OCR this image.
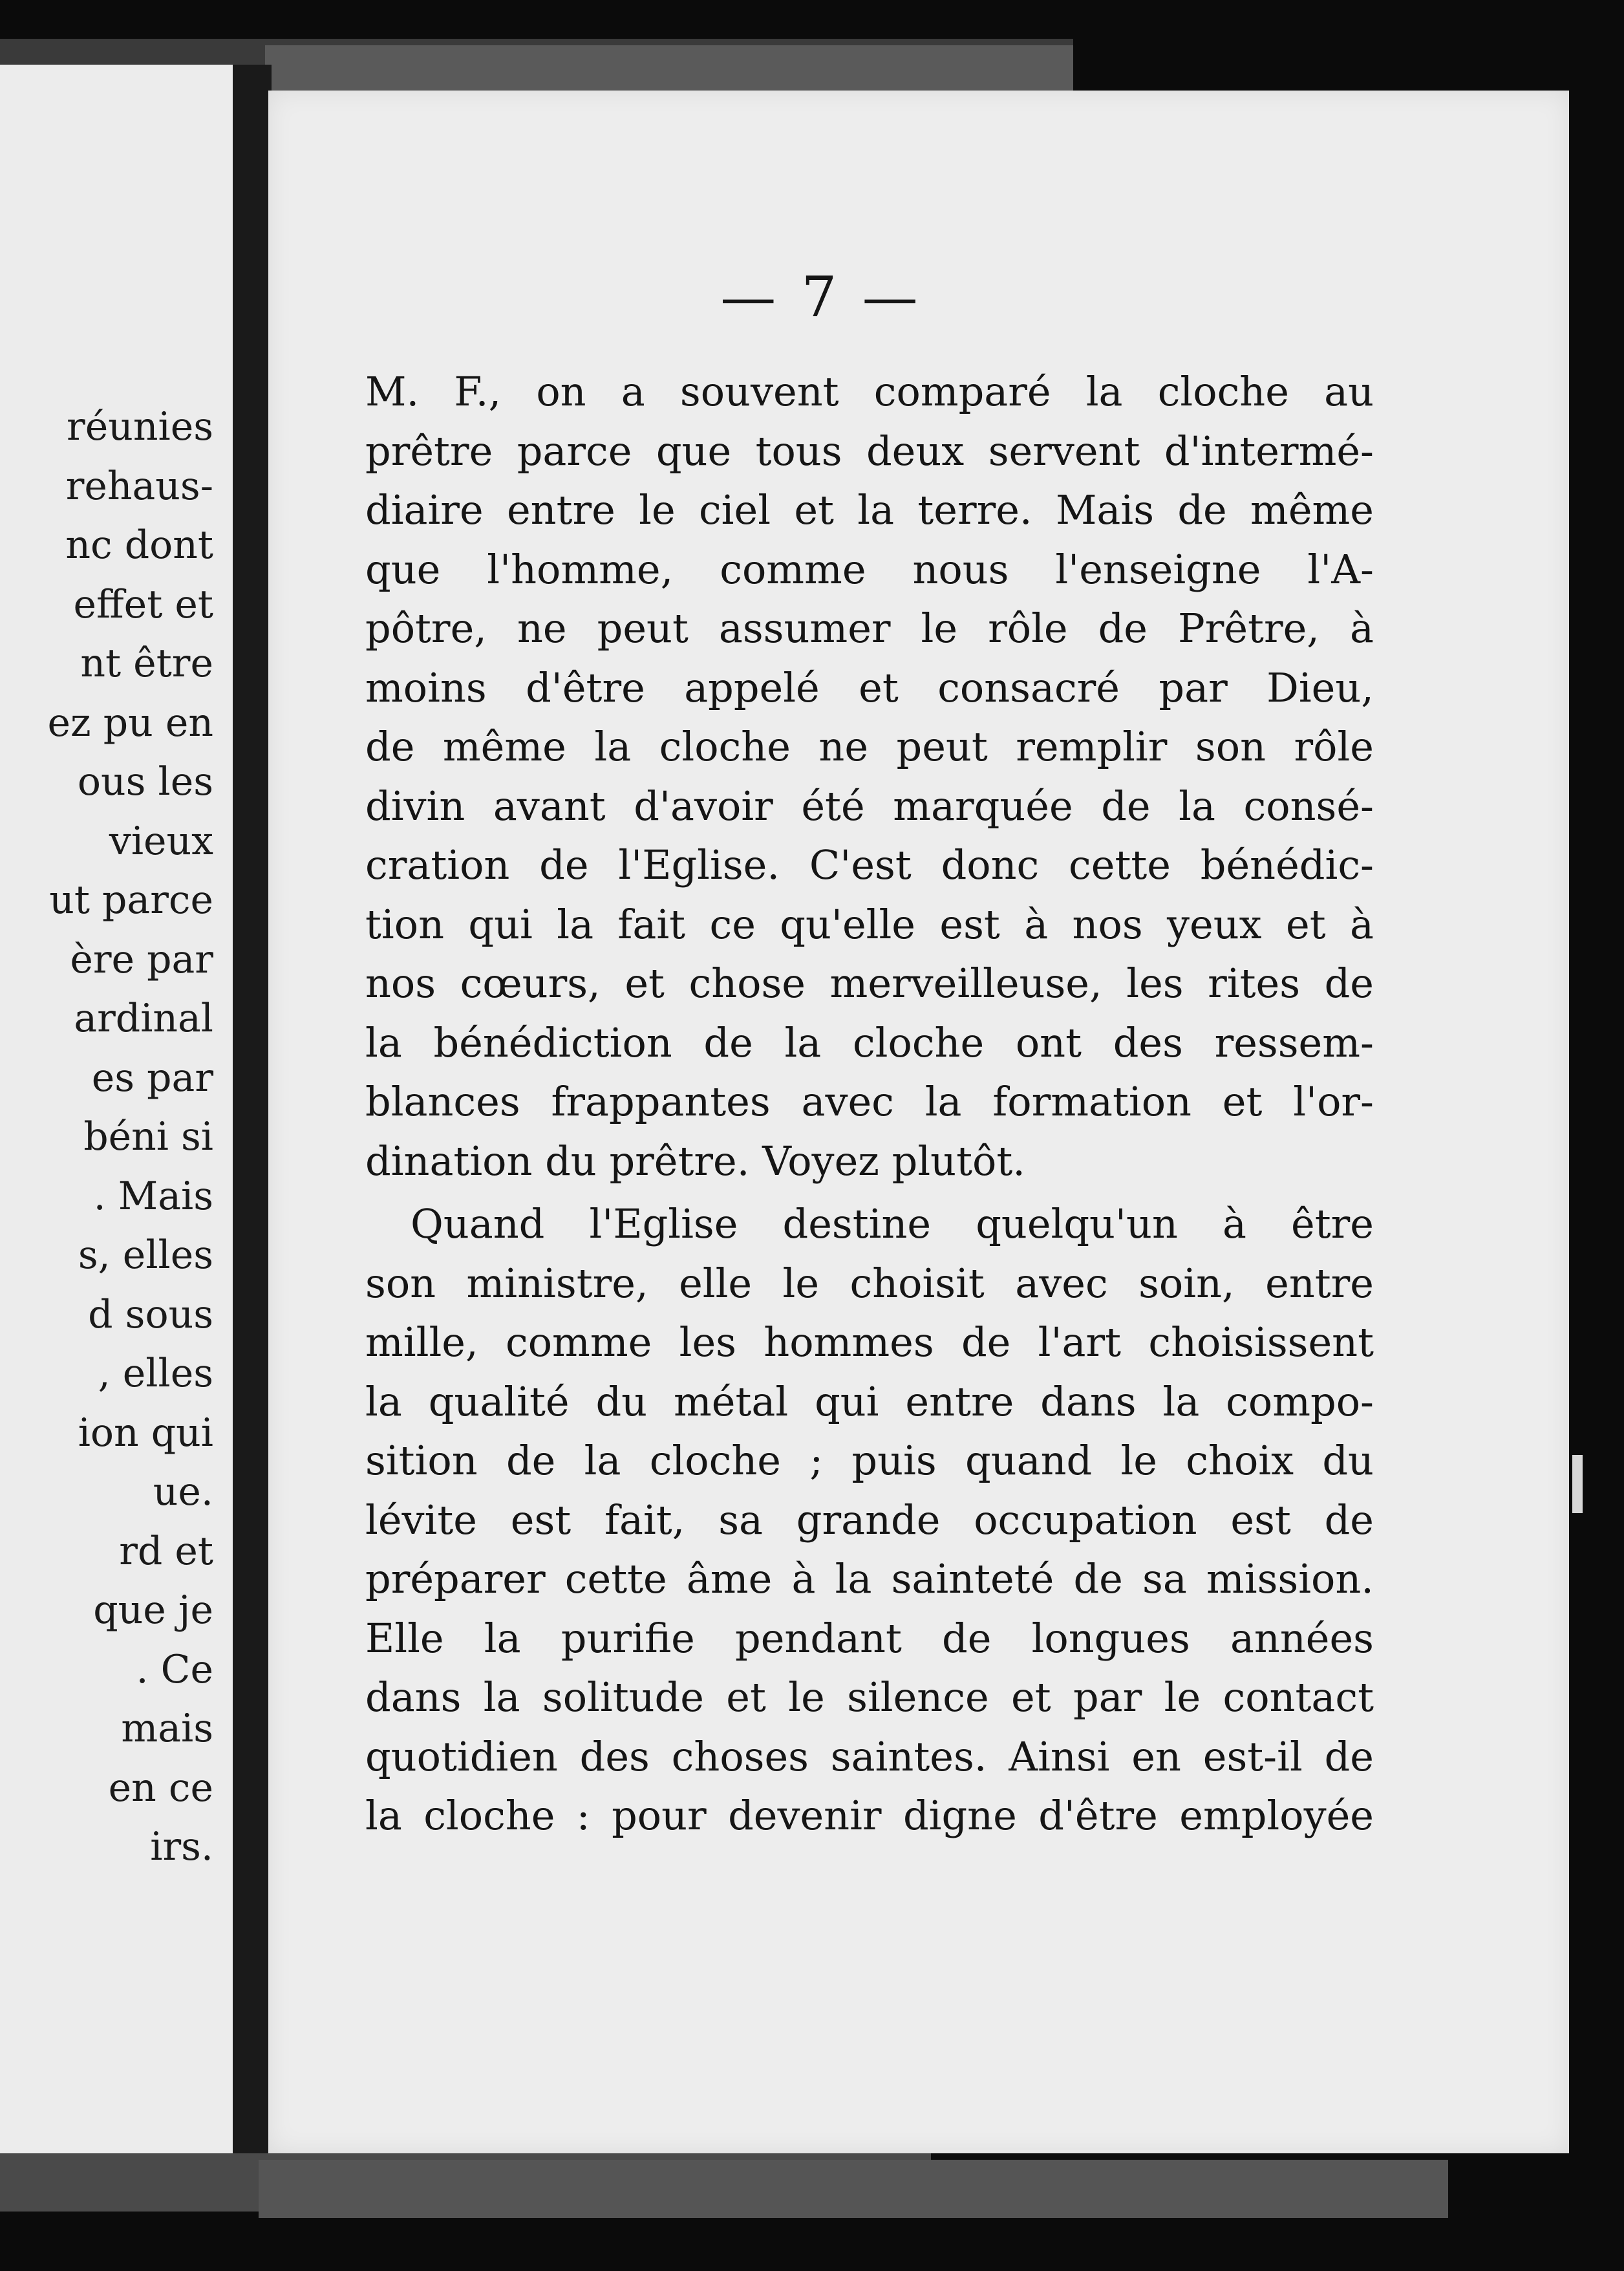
réunies
rehaus-
nc dont
effet et
nt être
ez pu en
ous les
vieux
ut parce
ère par
ardinal
es par
béni si
. Mais
s, elles
d sous
, elles
ion qui
ue.
rd et
que je
. Ce
mais
en ce
irs.
— 7 —
M. F., on a souvent comparé la cloche au
prêtre parce que tous deux servent d'intermé-
diaire entre le ciel et la terre. Mais de même
que l'homme, comme nous l'enseigne l'A-
pôtre, ne peut assumer le rôle de Prêtre, à
moins d'être appelé et consacré par Dieu,
de même la cloche ne peut remplir son rôle
divin avant d'avoir été marquée de la consé-
cration de l'Eglise. C'est donc cette bénédic-
tion qui la fait ce qu'elle est à nos yeux et à
nos cœurs, et chose merveilleuse, les rites de
la bénédiction de la cloche ont des ressem-
blances frappantes avec la formation et l'or-
dination du prêtre. Voyez plutôt.
Quand l'Eglise destine quelqu'un à être
son ministre, elle le choisit avec soin, entre
mille, comme les hommes de l'art choisissent
la qualité du métal qui entre dans la compo-
sition de la cloche ; puis quand le choix du
lévite est fait, sa grande occupation est de
préparer cette âme à la sainteté de sa mission.
Elle la purifie pendant de longues années
dans la solitude et le silence et par le contact
quotidien des choses saintes. Ainsi en est-il de
la cloche : pour devenir digne d'être employée
